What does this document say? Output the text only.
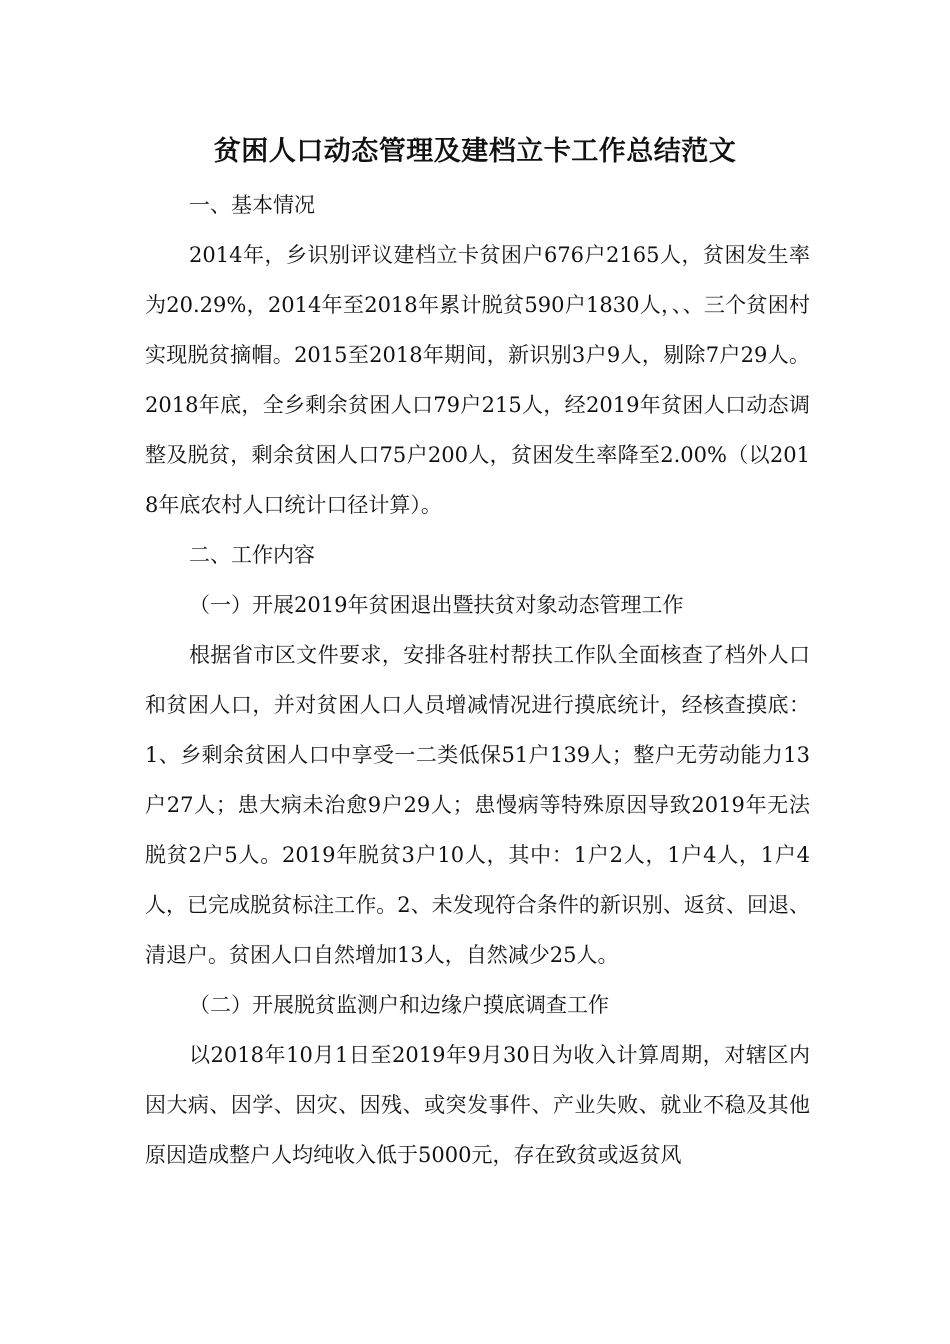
贫困人口动态管理及建档立卡工作总结范文

一、基本情况

2014年，乡识别评议建档立卡贫困户676户2165人，贫困发生率为20.29%，2014年至2018年累计脱贫590户1830人，、、三个贫困村实现脱贫摘帽。2015至2018年期间，新识别3户9人，剔除7户29人。2018年底，全乡剩余贫困人口79户215人，经2019年贫困人口动态调整及脱贫，剩余贫困人口75户200人，贫困发生率降至2.00%（以2018年底农村人口统计口径计算）。

二、工作内容

（一）开展2019年贫困退出暨扶贫对象动态管理工作

根据省市区文件要求，安排各驻村帮扶工作队全面核查了档外人口和贫困人口，并对贫困人口人员增减情况进行摸底统计，经核查摸底：1、乡剩余贫困人口中享受一二类低保51户139人；整户无劳动能力13户27人；患大病未治愈9户29人；患慢病等特殊原因导致2019年无法脱贫2户5人。2019年脱贫3户10人，其中：1户2人，1户4人，1户4人，已完成脱贫标注工作。2、未发现符合条件的新识别、返贫、回退、清退户。贫困人口自然增加13人，自然减少25人。

（二）开展脱贫监测户和边缘户摸底调查工作

以2018年10月1日至2019年9月30日为收入计算周期，对辖区内因大病、因学、因灾、因残、或突发事件、产业失败、就业不稳及其他原因造成整户人均纯收入低于5000元，存在致贫或返贫风
